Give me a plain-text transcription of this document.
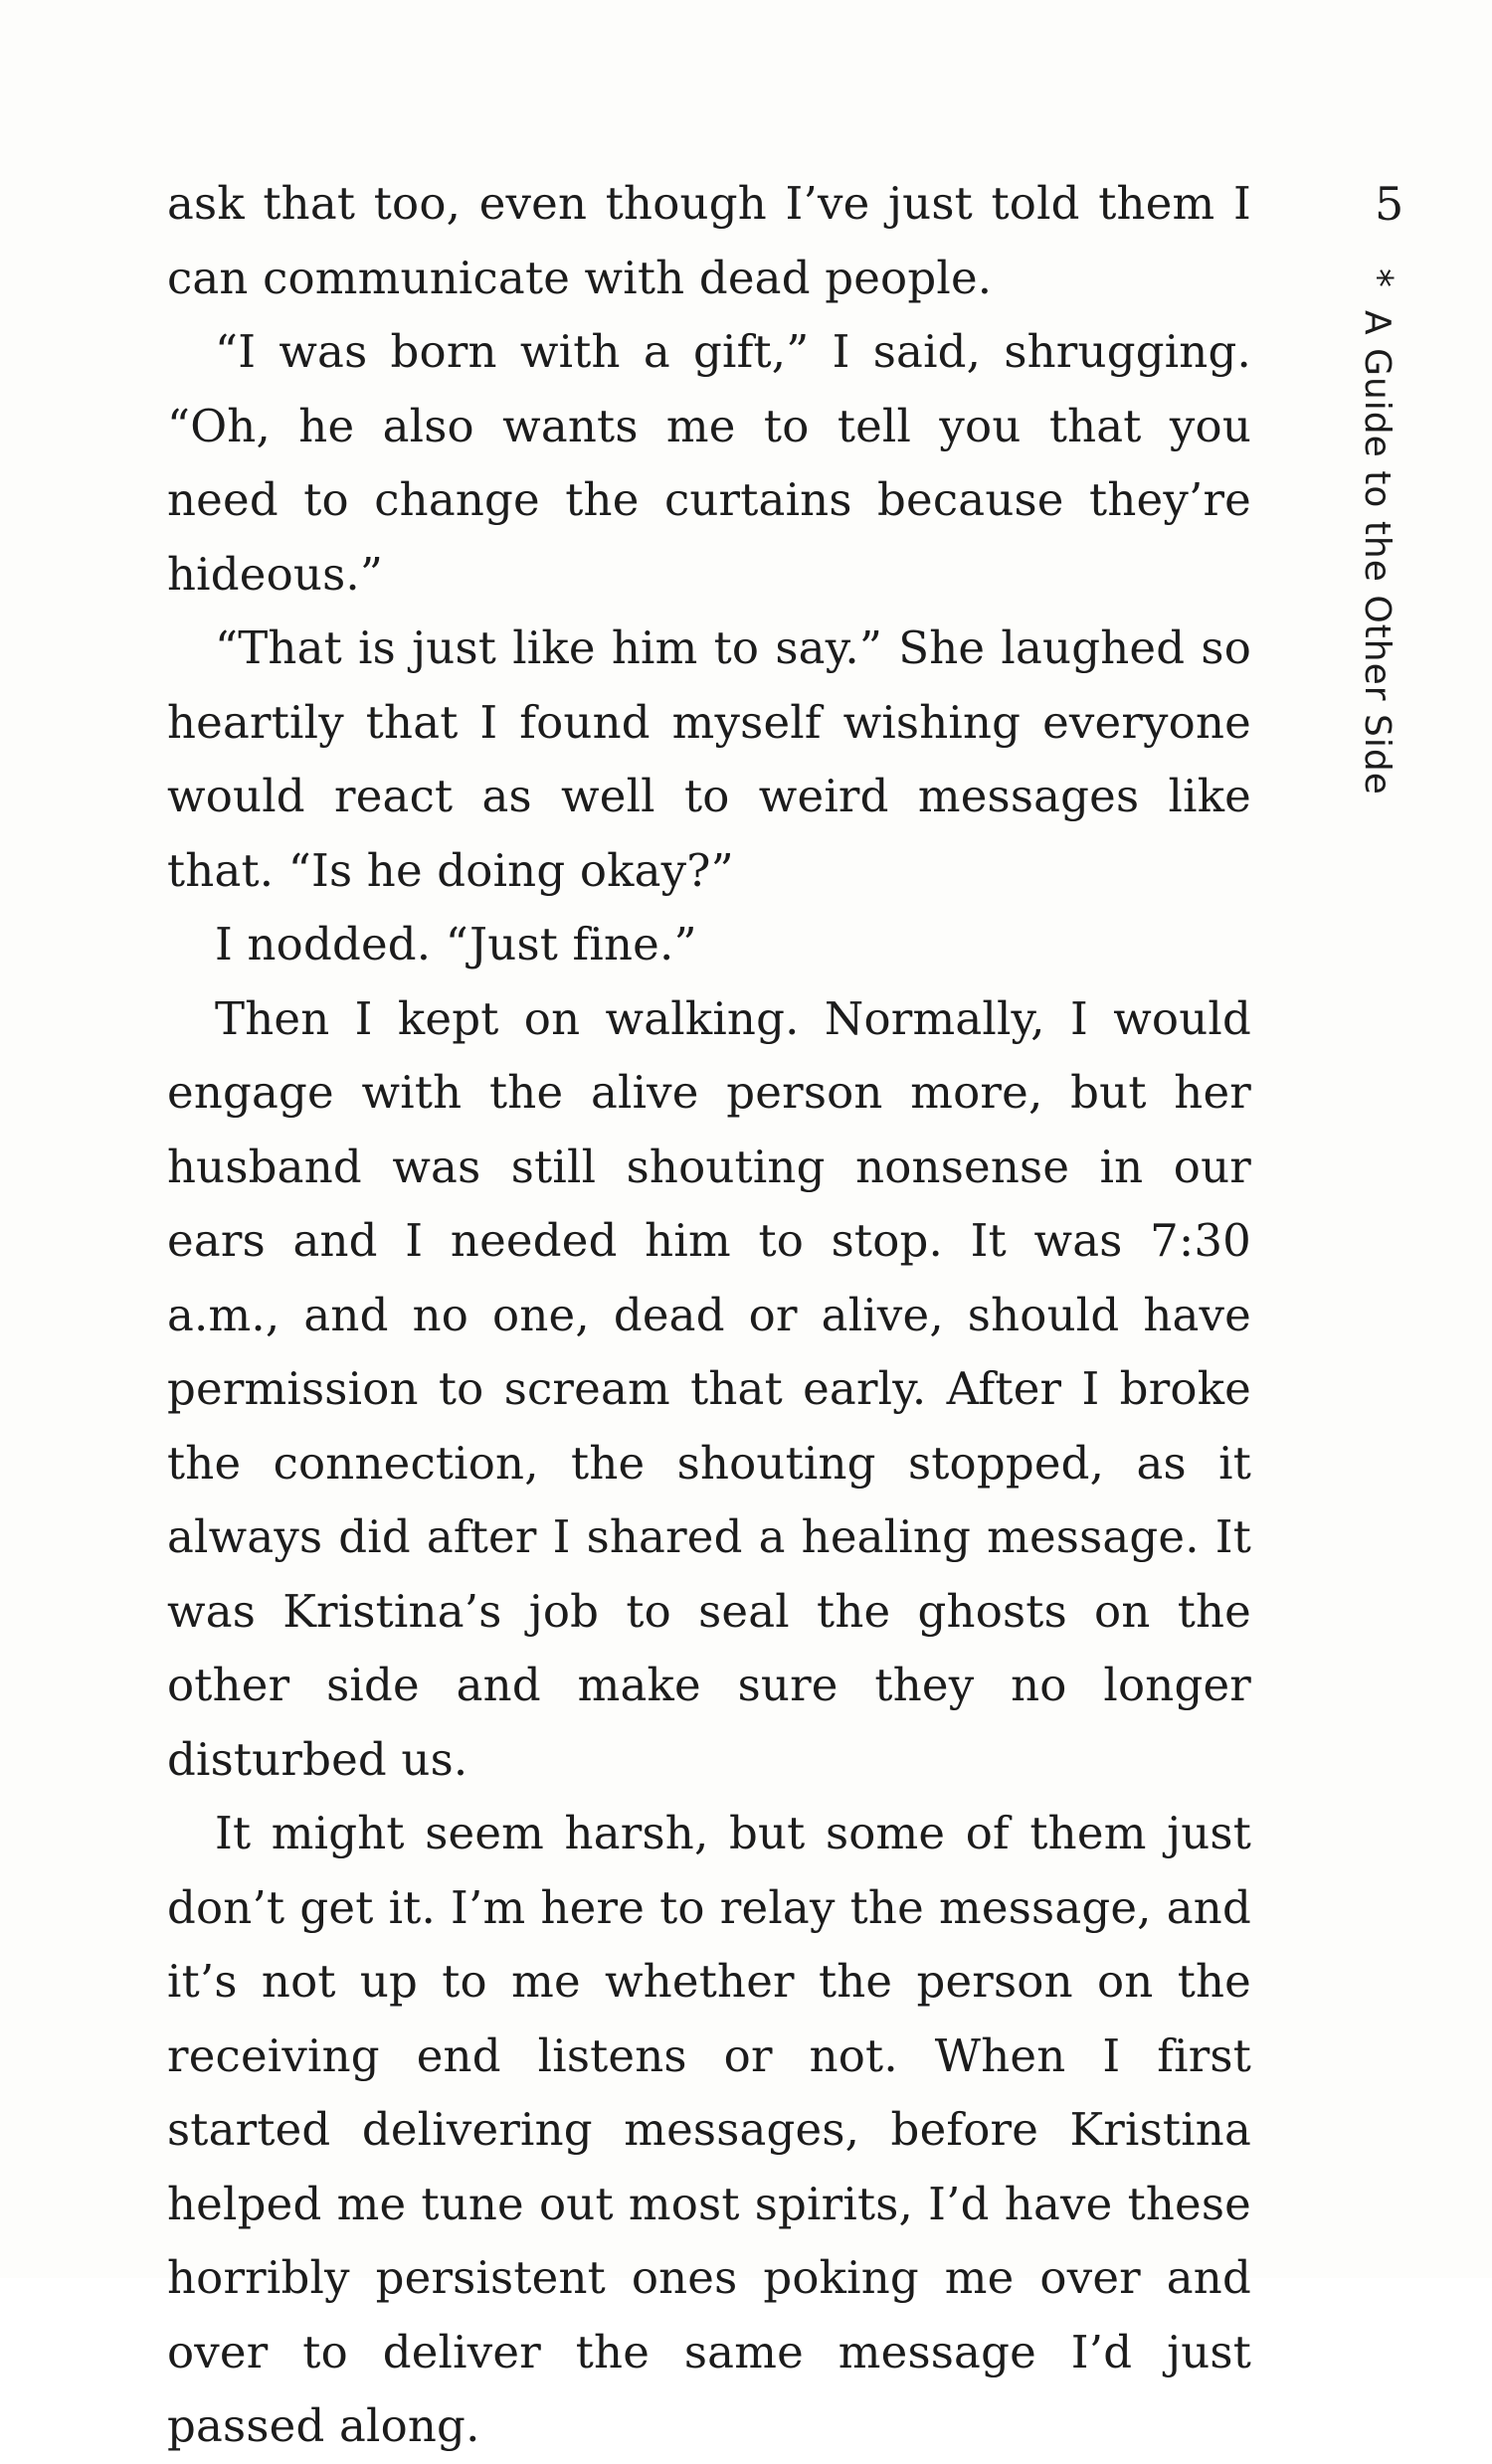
ask that too, even though I’ve just told them I can communicate with dead people.

“I was born with a gift,” I said, shrugging. “Oh, he also wants me to tell you that you need to change the curtains because they’re hideous.”

“That is just like him to say.” She laughed so heartily that I found myself wishing everyone would react as well to weird messages like that. “Is he doing okay?”

I nodded. “Just fine.”

Then I kept on walking. Normally, I would engage with the alive person more, but her husband was still shouting nonsense in our ears and I needed him to stop. It was 7:30 a.m., and no one, dead or alive, should have permission to scream that early. After I broke the connection, the shouting stopped, as it always did after I shared a healing message. It was Kristina’s job to seal the ghosts on the other side and make sure they no longer disturbed us.

It might seem harsh, but some of them just don’t get it. I’m here to relay the message, and it’s not up to me whether the person on the receiving end listens or not. When I first started delivering messages, before Kristina helped me tune out most spirits, I’d have these horribly persistent ones poking me over and over to deliver the same message I’d just passed along.

5
*A Guide to the Other Side
